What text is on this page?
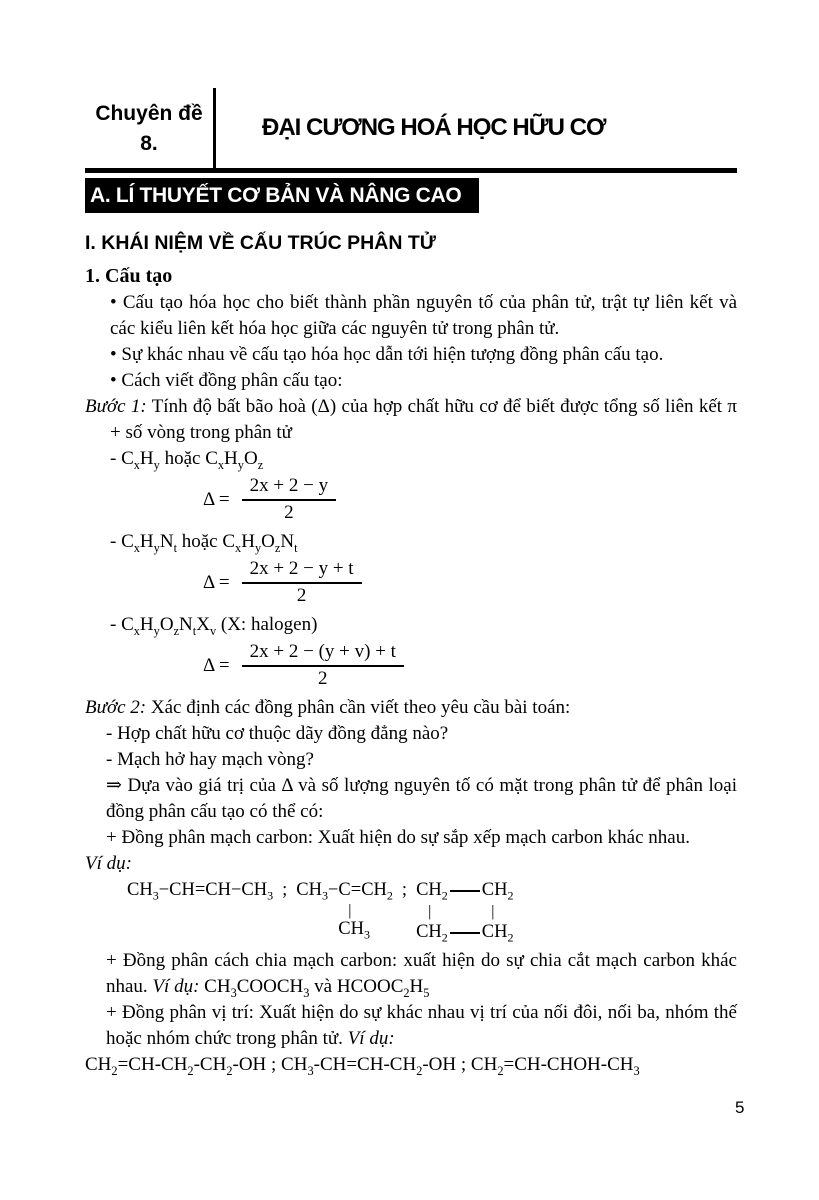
Chuyên đề
8.
ĐẠI CƯƠNG HOÁ HỌC HỮU CƠ
A. LÍ THUYẾT CƠ BẢN VÀ NÂNG CAO
I. KHÁI NIỆM VỀ CẤU TRÚC PHÂN TỬ
1. Cấu tạo

• Cấu tạo hóa học cho biết thành phần nguyên tố của phân tử, trật tự liên kết và các kiểu liên kết hóa học giữa các nguyên tử trong phân tử.

• Sự khác nhau về cấu tạo hóa học dẫn tới hiện tượng đồng phân cấu tạo.

• Cách viết đồng phân cấu tạo:

Bước 1: Tính độ bất bão hoà (Δ) của hợp chất hữu cơ để biết được tổng số liên kết π + số vòng trong phân tử

- $C_xH_y$ hoặc $C_xH_yO_z$

$\Delta = \frac{2x + 2 - y}{2}$

- $C_xH_yN_t$ hoặc $C_xH_yO_zN_t$

$\Delta = \frac{2x + 2 - y + t}{2}$

- $C_xH_yO_zN_tX_v$ (X: halogen)

$\Delta = \frac{2x + 2 - (y + v) + t}{2}$

Bước 2: Xác định các đồng phân cần viết theo yêu cầu bài toán:

- Hợp chất hữu cơ thuộc dãy đồng đẳng nào?

- Mạch hở hay mạch vòng?

⇒ Dựa vào giá trị của Δ và số lượng nguyên tố có mặt trong phân tử để phân loại đồng phân cấu tạo có thể có:

+ Đồng phân mạch carbon: Xuất hiện do sự sắp xếp mạch carbon khác nhau.

Ví dụ:

$CH_3-CH=CH-CH_3$ ; $CH_3-C=CH_2$
|
$CH_3$
; $CH_2$ $CH_2$
|	|
$CH_2$ $CH_2$

+ Đồng phân cách chia mạch carbon: xuất hiện do sự chia cắt mạch carbon khác nhau. Ví dụ: $CH_3COOCH_3$ và $HCOOC_2H_5$

+ Đồng phân vị trí: Xuất hiện do sự khác nhau vị trí của nối đôi, nối ba, nhóm thế hoặc nhóm chức trong phân tử. Ví dụ:

$CH_2=CH-CH_2-CH_2-OH$ ; $CH_3-CH=CH-CH_2-OH$ ; $CH_2=CH-CHOH-CH_3$

5
